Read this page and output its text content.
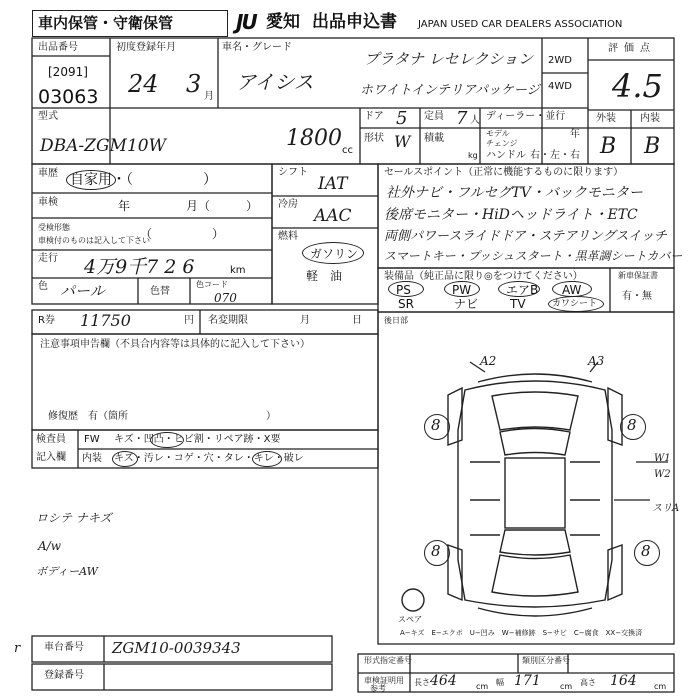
車内保管・守衛保管	JU 愛知 出品申込書 JAPAN USED CAR DEALERS ASSOCIATION
出品番号
[2091]
03063
初度登録年月
24 3 月
車名・グレード
プラタナ レセレクション
アイシス	ホワイトインテリアパッケージ
2WD
4WD
評価点
4.5
外装 内装
B B
型式
DBA-ZGM10W	1800 cc
ドア 5 定員 7 人
形状 W 積載
kg
ディーラー・並行
モデル
チェンジ
年
ハンドル 右・左・右
車歴 自家用・（　　　　　）
車検	年	月（　　　）
受検形態
車検付のものは記入して下さい
（　　　　　）
走行 4万9千7 2 6	km
色 パール	色替
色コード
070
シフト
IAT
冷房
AAC
燃料
ガソリン
軽　油
セールスポイント（正常に機能するものに限ります）
社外ナビ・フルセグTV・バックモニター
後席モニター・HiDヘッドライト・ETC
両側パワースライドドア・ステアリングスイッチ
スマートキー・プッシュスタート・黒革調シートカバー
装備品（純正品に限り◎をつけてください）
PS	PW	エアB AW
SR	ナビ	TV	カワシート
新車保証書
有・無
R券 11750	円 名変期限	月	日
注意事項申告欄（不具合内容等は具体的に記入して下さい）
修復歴　有（箇所	）
検査員
記入欄
FW キズ・凹凸・ヒビ割・リペア跡・X要
内装 キズ・汚レ・コゲ・穴・タレ・キレ・破レ
ロシテ ナキズ
A/w
ボディーAW
後日部
A2	A3
W1
W2
スリA
8	8
8	8
スペア
A−キズ　E−エクボ　U−凹み　W−補修跡　S−サビ　C−腐食　XX−交換済
r 車台番号 ZGM10-0039343
登録番号
形式指定番号	類別区分番号
車検証明用
参考
長さ 464 cm 幅 171 cm 高さ 164 cm
